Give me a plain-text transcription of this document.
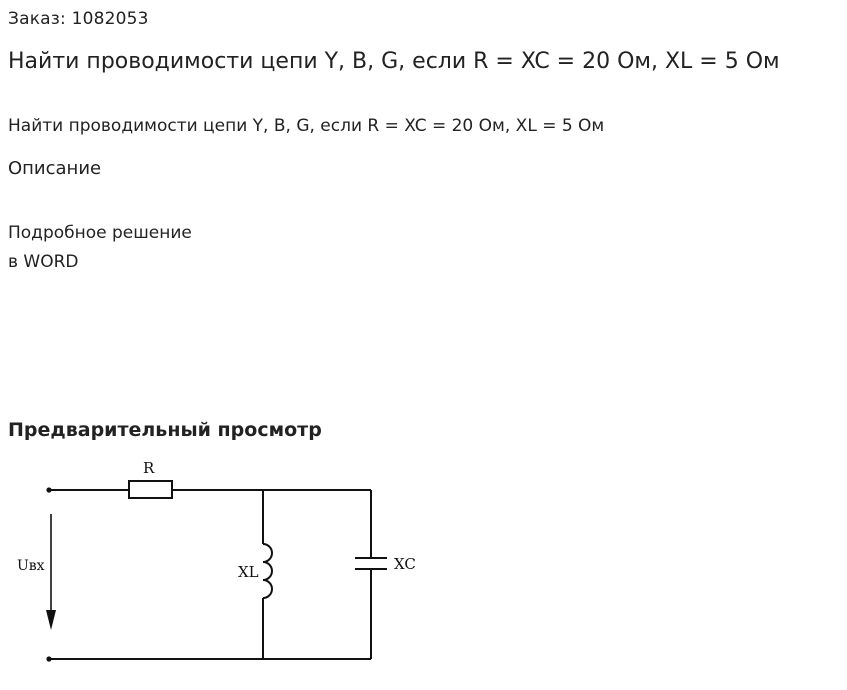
Заказ: 1082053
Найти проводимости цепи Y, B, G, если R = XC = 20 Ом, XL = 5 Ом
Найти проводимости цепи Y, B, G, если R = XC = 20 Ом, XL = 5 Ом
Описание
Подробное решение
в WORD
Предварительный просмотр
R
Uвх	XL	XC
